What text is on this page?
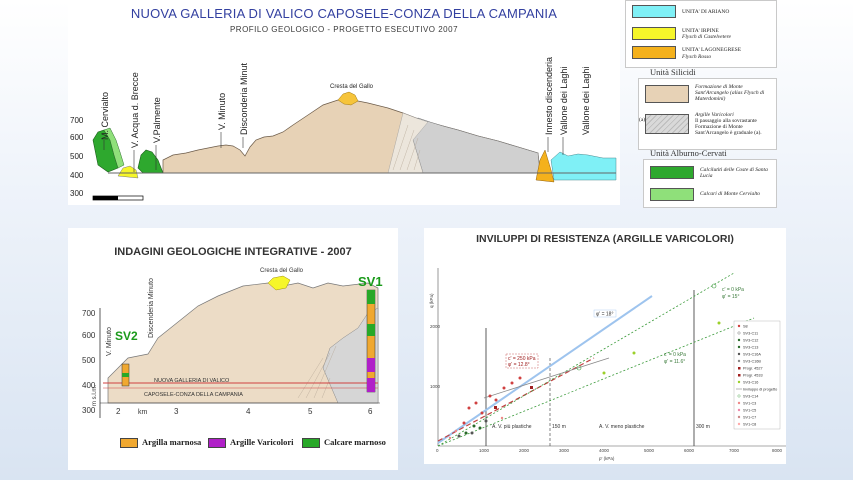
NUOVA GALLERIA DI VALICO CAPOSELE-CONZA DELLA CAMPANIA
PROFILO GEOLOGICO - PROGETTO ESECUTIVO 2007
700
600
500
400
300
M. Cervialto V. Acqua d. Brecce V.Palmente	V. Minuto Disconderia Minut	Innesto discenderia Vallone dei Laghi Vallone dei Laghi
Cresta del Gallo
UNITA' DI ARIANO
UNITA' IRPINE
Flysch di Castelvetere
UNITA' LAGONEGRESE
Flysch Rosso
Unità Silicidi
Formazione di Monte
Sant'Arcangelo (alias Flysch di
Materdomini)
(a)
Argille Varicolori
Il passaggio alla sovrastante
Formazione di Monte
Sant'Arcangelo è graduale (a).
Unità Alburno-Cervati
Calcilutiti delle Coste di Santa
Lucia
Calcari di Monte Cervialto
INDAGINI GEOLOGICHE INTEGRATIVE - 2007
700
600
500
400
300
m s.l.m.
2	3	4	5	6
km
V. Minuto
Discenderia Minuto
Cresta del Gallo
NUOVA GALLERIA DI VALICO
CAPOSELE-CONZA DELLA CAMPANIA
SV1
SV2
Argilla marnosa	Argille Varicolori	Calcare marnoso
INVILUPPI DI RESISTENZA (ARGILLE VARICOLORI)
2000
1000
q (kPa)
0	1000	2000	3000	4000	5000	6000	7000	8000
p' (kPa)
φ' = 18°
c' = 250 kPa
φ' = 12.8°
c' = 0 kPa
φ' = 15°
c' = 0 kPa
φ' = 11.6°
A. V. più plastiche	A. V. meno plastiche
150 m	300 m
S8
SV3-C11
SV3-C12
SV3-C13
SV3-C16A
SV3-C16B
Progr. 4527
Progr. 4533
SV3-C16
Inviluppo di progetto
SV3-C14
SV1-C3
SV1-C5
SV1-C7
SV1-C8
